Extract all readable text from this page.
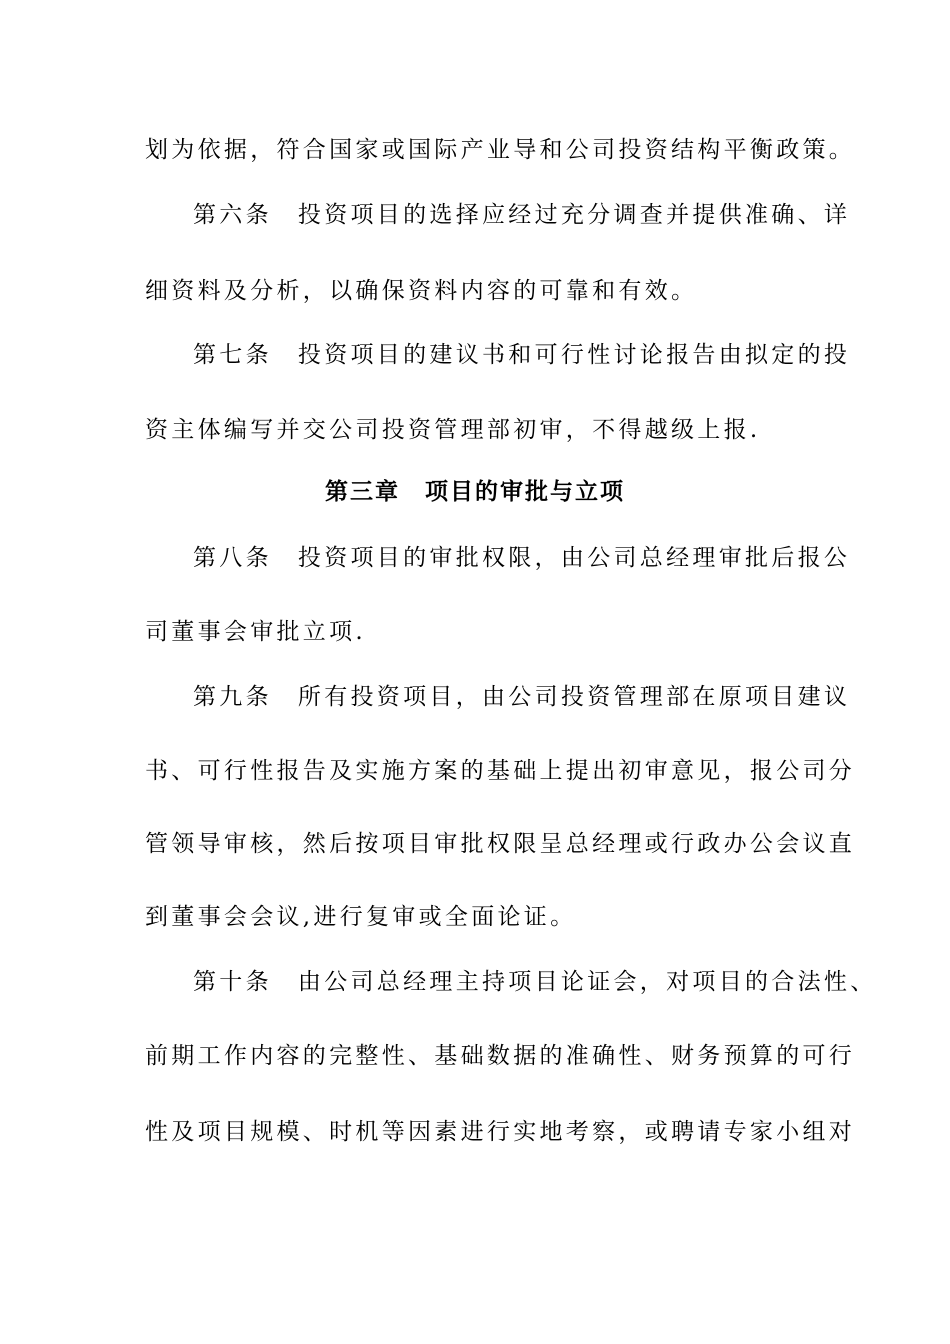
划为依据，符合国家或国际产业导和公司投资结构平衡政策。
第六条 投资项目的选择应经过充分调查并提供准确、详
细资料及分析，以确保资料内容的可靠和有效。
第七条 投资项目的建议书和可行性讨论报告由拟定的投
资主体编写并交公司投资管理部初审，不得越级上报.
第三章　项目的审批与立项
第八条 投资项目的审批权限，由公司总经理审批后报公
司董事会审批立项.
第九条 所有投资项目，由公司投资管理部在原项目建议
书、可行性报告及实施方案的基础上提出初审意见，报公司分
管领导审核，然后按项目审批权限呈总经理或行政办公会议直
到董事会会议,进行复审或全面论证。
第十条 由公司总经理主持项目论证会，对项目的合法性、
前期工作内容的完整性、基础数据的准确性、财务预算的可行
性及项目规模、时机等因素进行实地考察，或聘请专家小组对
